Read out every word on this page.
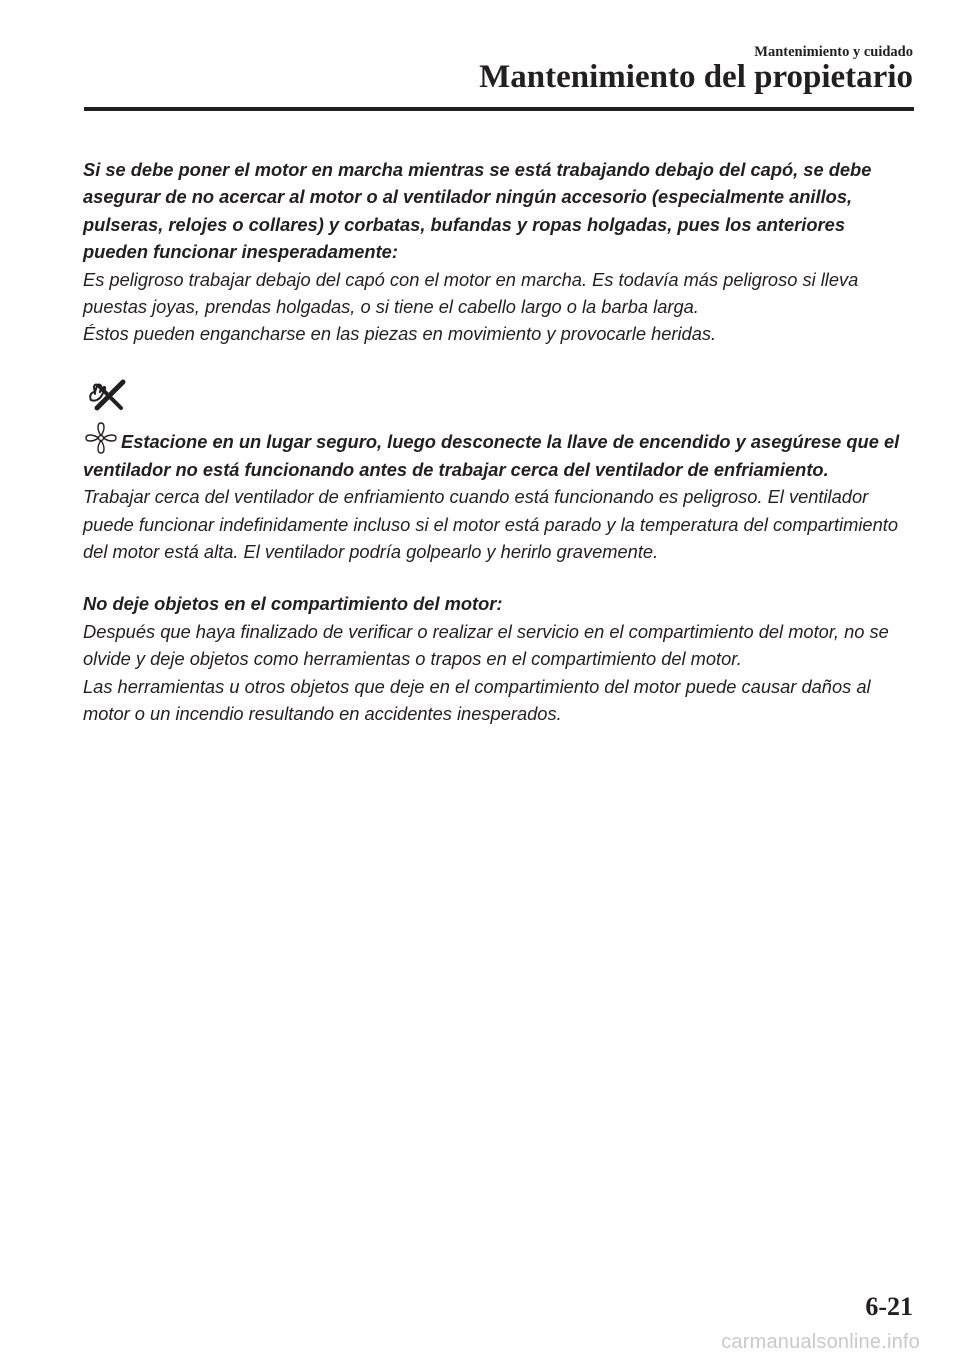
Mantenimiento y cuidado
Mantenimiento del propietario

Si se debe poner el motor en marcha mientras se está trabajando debajo del capó, se debe asegurar de no acercar al motor o al ventilador ningún accesorio (especialmente anillos, pulseras, relojes o collares) y corbatas, bufandas y ropas holgadas, pues los anteriores pueden funcionar inesperadamente:

Es peligroso trabajar debajo del capó con el motor en marcha. Es todavía más peligroso si lleva puestas joyas, prendas holgadas, o si tiene el cabello largo o la barba larga.

Éstos pueden engancharse en las piezas en movimiento y provocarle heridas.

Estacione en un lugar seguro, luego desconecte la llave de encendido y asegúrese que el ventilador no está funcionando antes de trabajar cerca del ventilador de enfriamiento.

Trabajar cerca del ventilador de enfriamiento cuando está funcionando es peligroso. El ventilador puede funcionar indefinidamente incluso si el motor está parado y la temperatura del compartimiento del motor está alta. El ventilador podría golpearlo y herirlo gravemente.

No deje objetos en el compartimiento del motor:

Después que haya finalizado de verificar o realizar el servicio en el compartimiento del motor, no se olvide y deje objetos como herramientas o trapos en el compartimiento del motor.

Las herramientas u otros objetos que deje en el compartimiento del motor puede causar daños al motor o un incendio resultando en accidentes inesperados.

6-21
carmanualsonline.info
